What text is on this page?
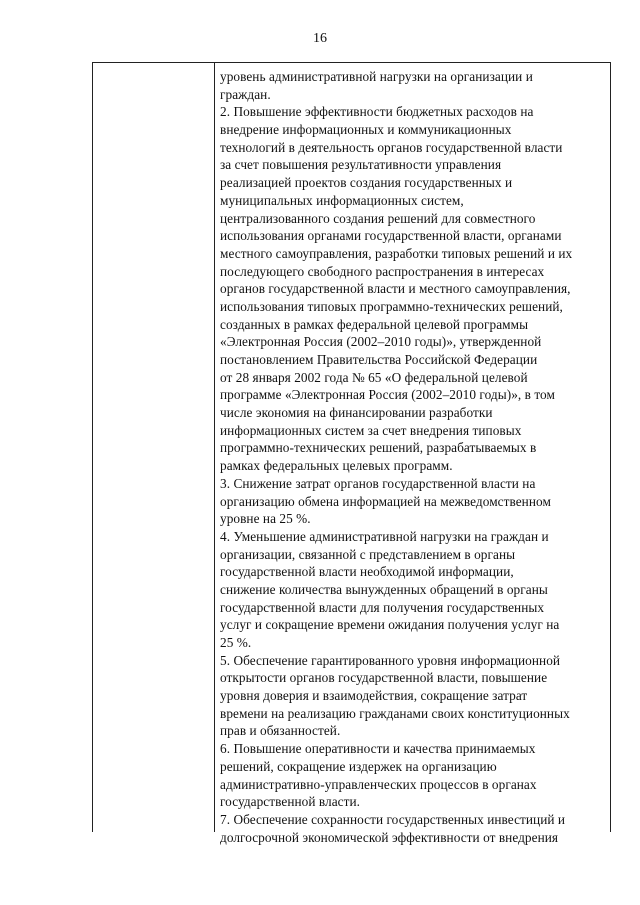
16
уровень административной нагрузки на организации и
граждан.
2. Повышение эффективности бюджетных расходов на
внедрение информационных и коммуникационных
технологий в деятельность органов государственной власти
за счет повышения результативности управления
реализацией проектов создания государственных и
муниципальных информационных систем,
централизованного создания решений для совместного
использования органами государственной власти, органами
местного самоуправления, разработки типовых решений и их
последующего свободного распространения в интересах
органов государственной власти и местного самоуправления,
использования типовых программно-технических решений,
созданных в рамках федеральной целевой программы
«Электронная Россия (2002–2010 годы)», утвержденной
постановлением Правительства Российской Федерации
от 28 января 2002 года № 65 «О федеральной целевой
программе «Электронная Россия (2002–2010 годы)», в том
числе экономия на финансировании разработки
информационных систем за счет внедрения типовых
программно-технических решений, разрабатываемых в
рамках федеральных целевых программ.
3. Снижение затрат органов государственной власти на
организацию обмена информацией на межведомственном
уровне на 25 %.
4. Уменьшение административной нагрузки на граждан и
организации, связанной с представлением в органы
государственной власти необходимой информации,
снижение количества вынужденных обращений в органы
государственной власти для получения государственных
услуг и сокращение времени ожидания получения услуг на
25 %.
5. Обеспечение гарантированного уровня информационной
открытости органов государственной власти, повышение
уровня доверия и взаимодействия, сокращение затрат
времени на реализацию гражданами своих конституционных
прав и обязанностей.
6. Повышение оперативности и качества принимаемых
решений, сокращение издержек на организацию
административно-управленческих процессов в органах
государственной власти.
7. Обеспечение сохранности государственных инвестиций и
долгосрочной экономической эффективности от внедрения
